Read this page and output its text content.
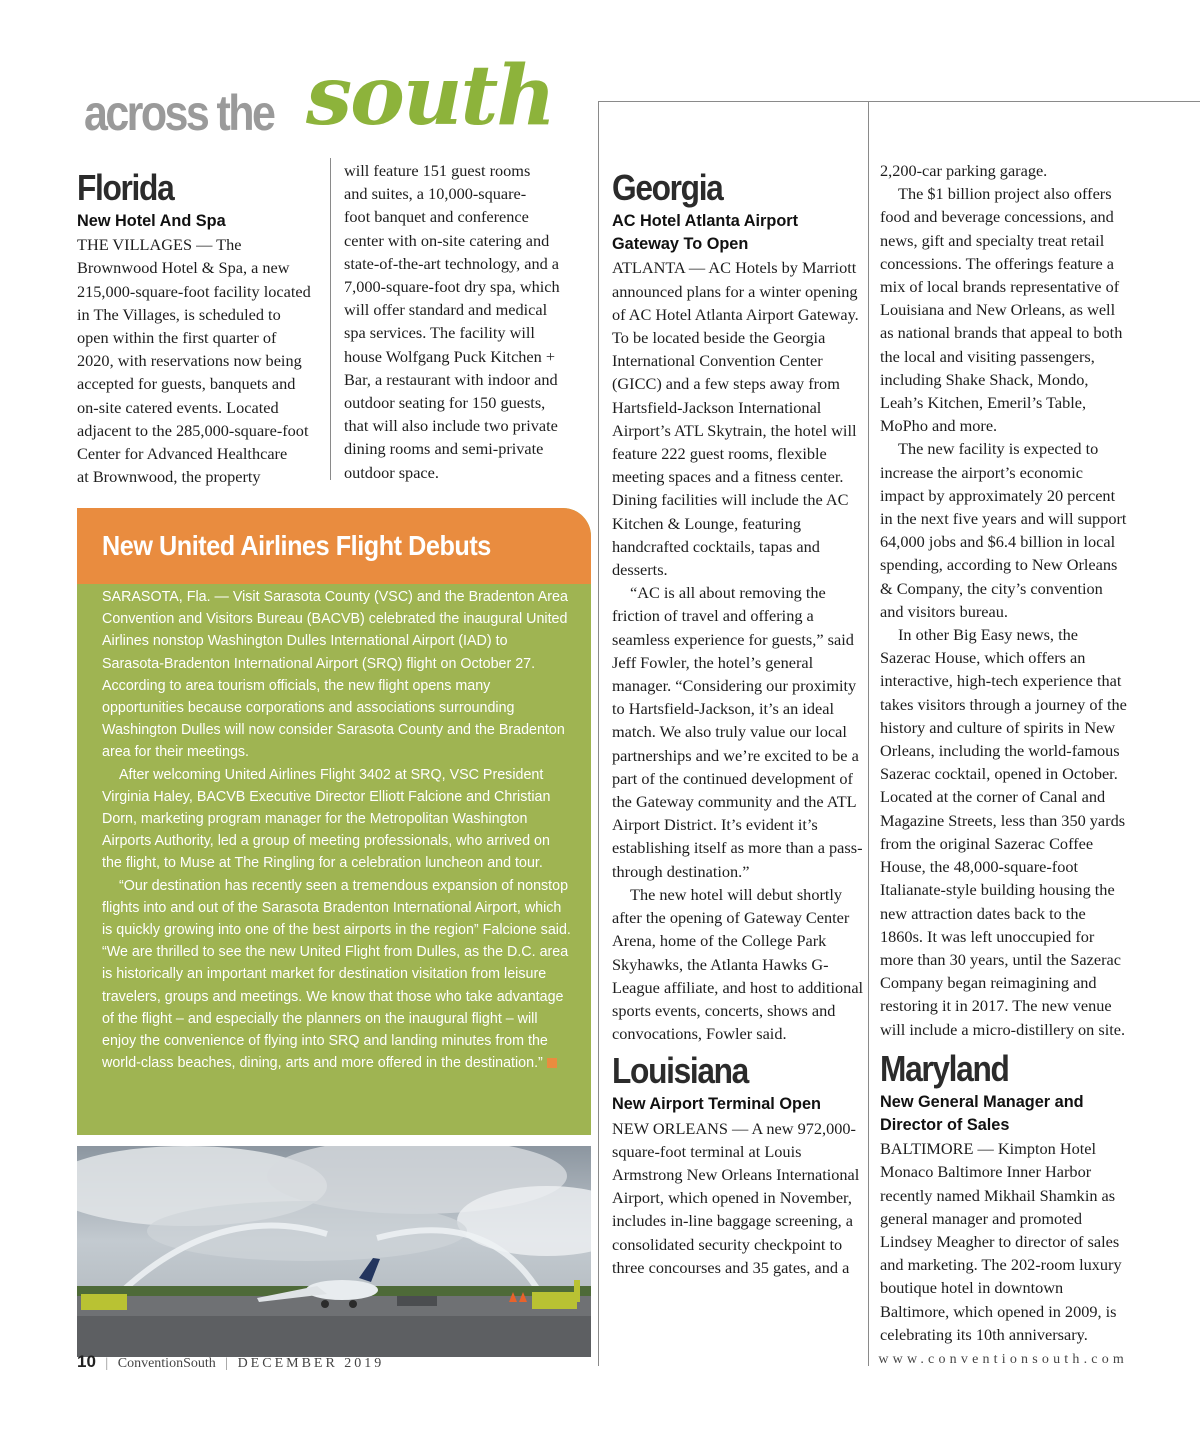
across the south
Florida
New Hotel And Spa
THE VILLAGES — The
Brownwood Hotel & Spa, a new
215,000-square-foot facility located
in The Villages, is scheduled to
open within the first quarter of
2020, with reservations now being
accepted for guests, banquets and
on-site catered events. Located
adjacent to the 285,000-square-foot
Center for Advanced Healthcare
at Brownwood, the property
will feature 151 guest rooms
and suites, a 10,000-square-
foot banquet and conference
center with on-site catering and
state-of-the-art technology, and a
7,000-square-foot dry spa, which
will offer standard and medical
spa services. The facility will
house Wolfgang Puck Kitchen +
Bar, a restaurant with indoor and
outdoor seating for 150 guests,
that will also include two private
dining rooms and semi-private
outdoor space.
New United Airlines Flight Debuts

SARASOTA, Fla. — Visit Sarasota County (VSC) and the Bradenton Area Convention and Visitors Bureau (BACVB) celebrated the inaugural United Airlines nonstop Washington Dulles International Airport (IAD) to Sarasota-Bradenton International Airport (SRQ) flight on October 27. According to area tourism officials, the new flight opens many opportunities because corporations and associations surrounding Washington Dulles will now consider Sarasota County and the Bradenton area for their meetings.

After welcoming United Airlines Flight 3402 at SRQ, VSC President Virginia Haley, BACVB Executive Director Elliott Falcione and Christian Dorn, marketing program manager for the Metropolitan Washington Airports Authority, led a group of meeting professionals, who arrived on the flight, to Muse at The Ringling for a celebration luncheon and tour.

“Our destination has recently seen a tremendous expansion of nonstop flights into and out of the Sarasota Bradenton International Airport, which is quickly growing into one of the best airports in the region” Falcione said. “We are thrilled to see the new United Flight from Dulles, as the D.C. area is historically an important market for destination visitation from leisure travelers, groups and meetings. We know that those who take advantage of the flight – and especially the planners on the inaugural flight – will enjoy the convenience of flying into SRQ and landing minutes from the world-class beaches, dining, arts and more offered in the destination.”

Georgia
AC Hotel Atlanta Airport
Gateway To Open

ATLANTA — AC Hotels by Marriott announced plans for a winter opening of AC Hotel Atlanta Airport Gateway. To be located beside the Georgia International Convention Center (GICC) and a few steps away from Hartsfield-Jackson International Airport’s ATL Skytrain, the hotel will feature 222 guest rooms, flexible meeting spaces and a fitness center. Dining facilities will include the AC Kitchen & Lounge, featuring handcrafted cocktails, tapas and desserts.

“AC is all about removing the friction of travel and offering a seamless experience for guests,” said Jeff Fowler, the hotel’s general manager. “Considering our proximity to Hartsfield-Jackson, it’s an ideal match. We also truly value our local partnerships and we’re excited to be a part of the continued development of the Gateway community and the ATL Airport District. It’s evident it’s establishing itself as more than a pass-through destination.”

The new hotel will debut shortly after the opening of Gateway Center Arena, home of the College Park Skyhawks, the Atlanta Hawks G-League affiliate, and host to additional sports events, concerts, shows and convocations, Fowler said.

Louisiana
New Airport Terminal Open

NEW ORLEANS — A new 972,000-square-foot terminal at Louis Armstrong New Orleans International Airport, which opened in November, includes in-line baggage screening, a consolidated security checkpoint to three concourses and 35 gates, and a

2,200-car parking garage.

The $1 billion project also offers food and beverage concessions, and news, gift and specialty treat retail concessions. The offerings feature a mix of local brands representative of Louisiana and New Orleans, as well as national brands that appeal to both the local and visiting passengers, including Shake Shack, Mondo, Leah’s Kitchen, Emeril’s Table, MoPho and more.

The new facility is expected to increase the airport’s economic impact by approximately 20 percent in the next five years and will support 64,000 jobs and $6.4 billion in local spending, according to New Orleans & Company, the city’s convention and visitors bureau.

In other Big Easy news, the Sazerac House, which offers an interactive, high-tech experience that takes visitors through a journey of the history and culture of spirits in New Orleans, including the world-famous Sazerac cocktail, opened in October. Located at the corner of Canal and Magazine Streets, less than 350 yards from the original Sazerac Coffee House, the 48,000-square-foot Italianate-style building housing the new attraction dates back to the 1860s. It was left unoccupied for more than 30 years, until the Sazerac Company began reimagining and restoring it in 2017. The new venue will include a micro-distillery on site.

Maryland
New General Manager and
Director of Sales

BALTIMORE — Kimpton Hotel Monaco Baltimore Inner Harbor recently named Mikhail Shamkin as general manager and promoted Lindsey Meagher to director of sales and marketing. The 202-room luxury boutique hotel in downtown Baltimore, which opened in 2009, is celebrating its 10th anniversary.

10 | ConventionSouth | DECEMBER 2019	www.conventionsouth.com
